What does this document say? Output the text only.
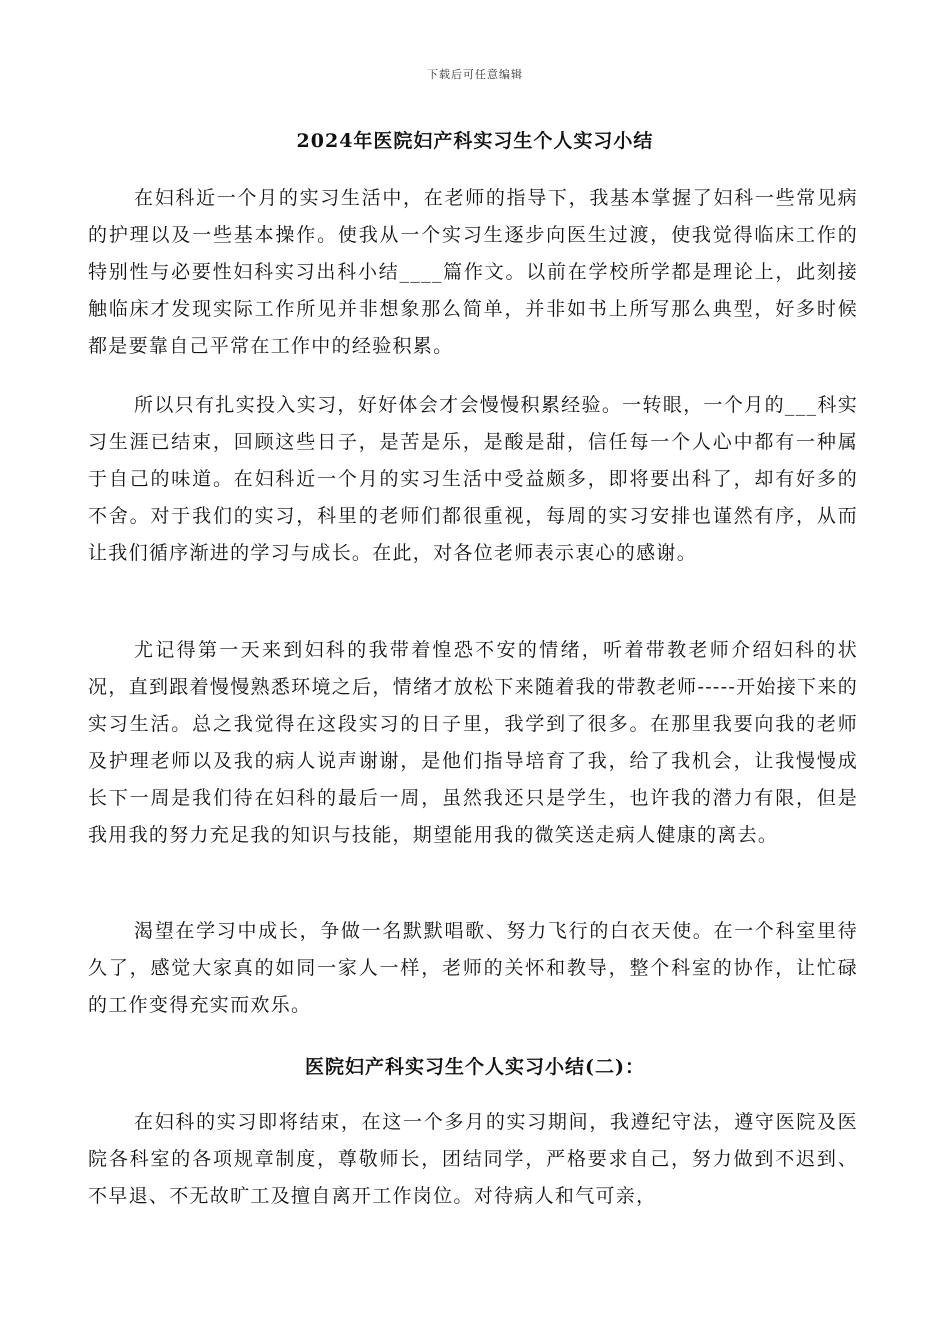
下载后可任意编辑
2024年医院妇产科实习生个人实习小结

在妇科近一个月的实习生活中，在老师的指导下，我基本掌握了妇科一些常见病的护理以及一些基本操作。使我从一个实习生逐步向医生过渡，使我觉得临床工作的特别性与必要性妇科实习出科小结____篇作文。以前在学校所学都是理论上，此刻接触临床才发现实际工作所见并非想象那么简单，并非如书上所写那么典型，好多时候都是要靠自己平常在工作中的经验积累。

所以只有扎实投入实习，好好体会才会慢慢积累经验。一转眼，一个月的___科实习生涯已结束，回顾这些日子，是苦是乐，是酸是甜，信任每一个人心中都有一种属于自己的味道。在妇科近一个月的实习生活中受益颇多，即将要出科了，却有好多的不舍。对于我们的实习，科里的老师们都很重视，每周的实习安排也谨然有序，从而让我们循序渐进的学习与成长。在此，对各位老师表示衷心的感谢。

尤记得第一天来到妇科的我带着惶恐不安的情绪，听着带教老师介绍妇科的状况，直到跟着慢慢熟悉环境之后，情绪才放松下来随着我的带教老师-----开始接下来的实习生活。总之我觉得在这段实习的日子里，我学到了很多。在那里我要向我的老师及护理老师以及我的病人说声谢谢，是他们指导培育了我，给了我机会，让我慢慢成长下一周是我们待在妇科的最后一周，虽然我还只是学生，也许我的潜力有限，但是我用我的努力充足我的知识与技能，期望能用我的微笑送走病人健康的离去。

渴望在学习中成长，争做一名默默唱歌、努力飞行的白衣天使。在一个科室里待久了，感觉大家真的如同一家人一样，老师的关怀和教导，整个科室的协作，让忙碌的工作变得充实而欢乐。

医院妇产科实习生个人实习小结(二)：

在妇科的实习即将结束，在这一个多月的实习期间，我遵纪守法，遵守医院及医院各科室的各项规章制度，尊敬师长，团结同学，严格要求自己，努力做到不迟到、不早退、不无故旷工及擅自离开工作岗位。对待病人和气可亲，
